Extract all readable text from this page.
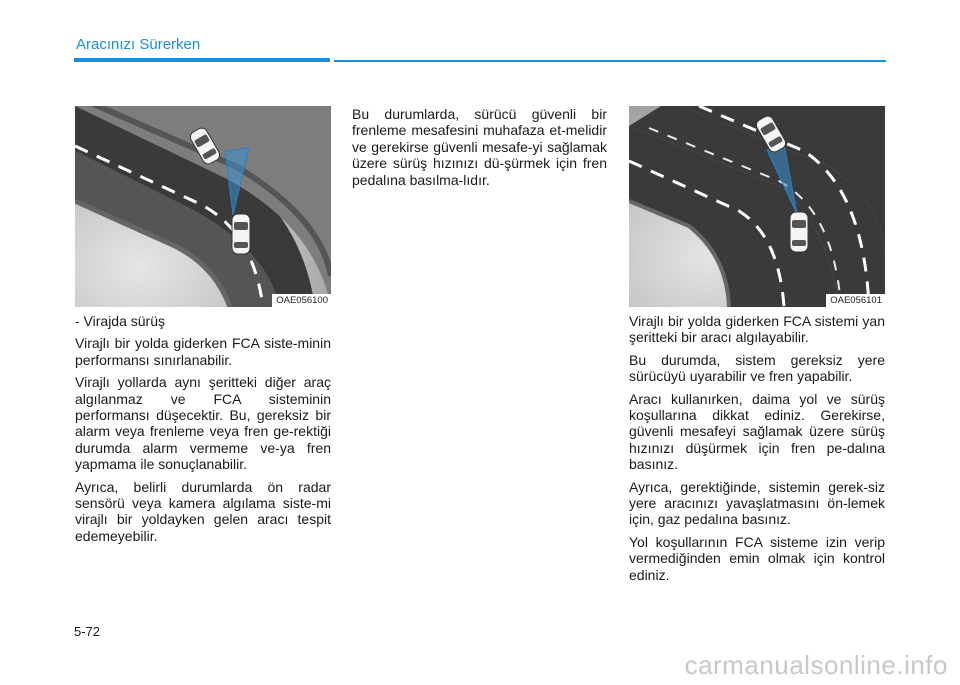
Aracınızı Sürerken
OAE056100	OAE056101

- Virajda sürüş

Virajlı bir yolda giderken FCA siste-minin performansı sınırlanabilir.

Virajlı yollarda aynı şeritteki diğer araç algılanmaz ve FCA sisteminin performansı düşecektir. Bu, gereksiz bir alarm veya frenleme veya fren ge-rektiği durumda alarm vermeme ve-ya fren yapmama ile sonuçlanabilir.

Ayrıca, belirli durumlarda ön radar sensörü veya kamera algılama siste-mi virajlı bir yoldayken gelen aracı tespit edemeyebilir.

Bu durumlarda, sürücü güvenli bir frenleme mesafesini muhafaza et-melidir ve gerekirse güvenli mesafe-yi sağlamak üzere sürüş hızınızı dü-şürmek için fren pedalına basılma-lıdır.

Virajlı bir yolda giderken FCA sistemi yan şeritteki bir aracı algılayabilir.

Bu durumda, sistem gereksiz yere sürücüyü uyarabilir ve fren yapabilir.

Aracı kullanırken, daima yol ve sürüş koşullarına dikkat ediniz. Gerekirse, güvenli mesafeyi sağlamak üzere sürüş hızınızı düşürmek için fren pe-dalına basınız.

Ayrıca, gerektiğinde, sistemin gerek-siz yere aracınızı yavaşlatmasını ön-lemek için, gaz pedalına basınız.

Yol koşullarının FCA sisteme izin verip vermediğinden emin olmak için kontrol ediniz.

5-72
carmanualsonline.info
